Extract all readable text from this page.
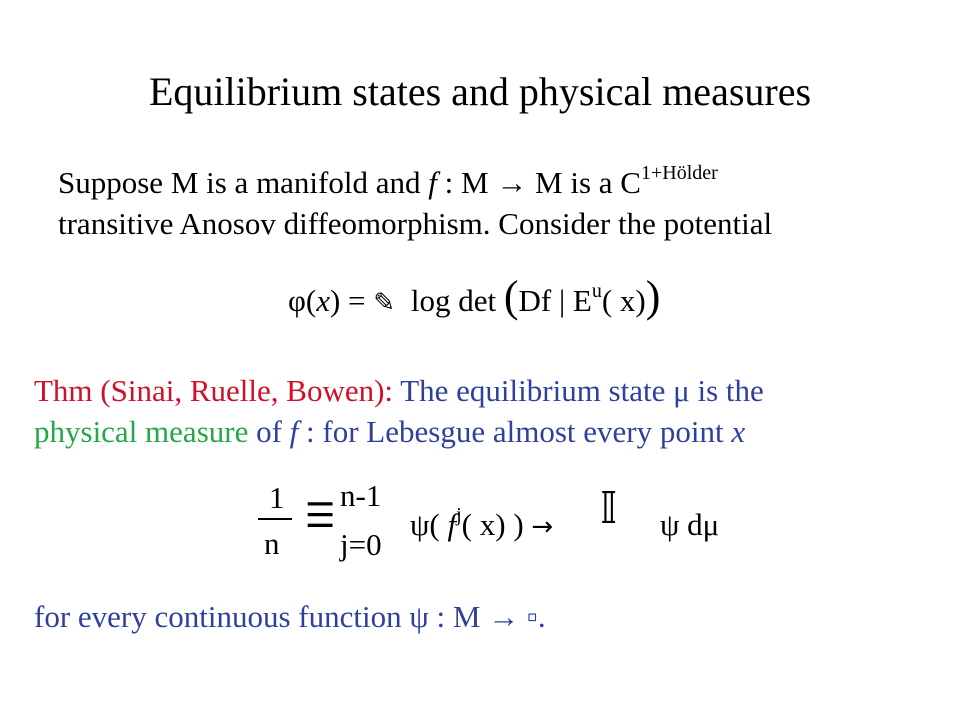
Equilibrium states and physical measures
Suppose M is a manifold and f : M → M is a $C^{1+Hölder}$
transitive Anosov diffeomorphism. Consider the potential
φ(x) = ✎ log det (Df | $E^u$( x))
Thm (Sinai, Ruelle, Bowen): The equilibrium state μ is the
physical measure of f : for Lebesgue almost every point x
1
n
☰
n-1
j=0
ψ( $f^j$( x) ) → 𝕀 ψ dμ
for every continuous function ψ : M → ▫.
